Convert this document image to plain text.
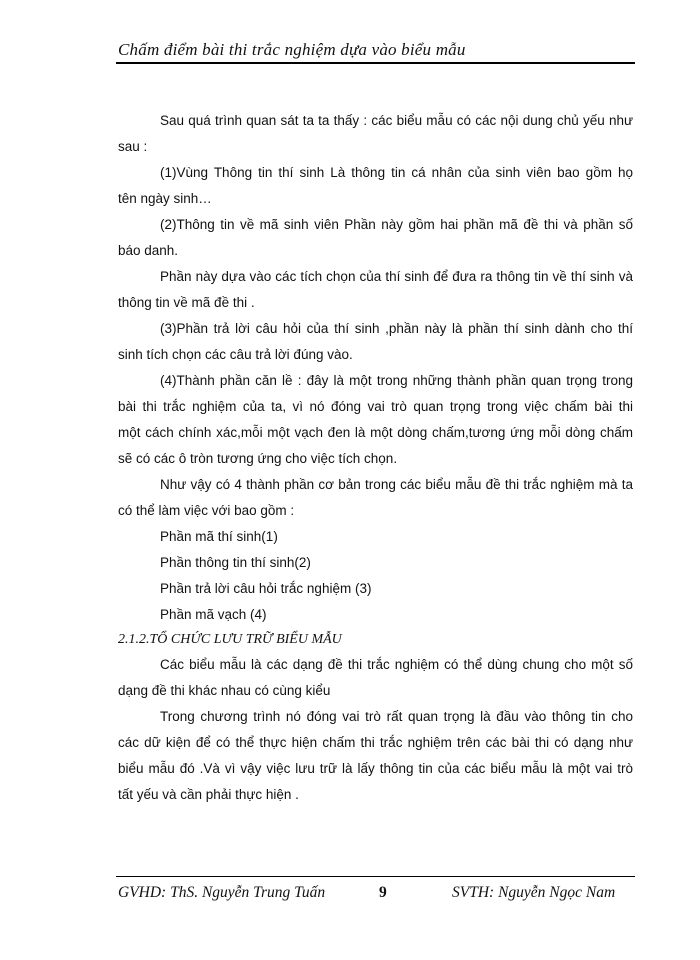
Chấm điểm bài thi trắc nghiệm dựa vào biểu mẫu
Sau quá trình quan sát ta ta thấy : các biểu mẫu có các nội dung chủ yếu như
sau :
(1)Vùng Thông tin thí sinh Là thông tin cá nhân của sinh viên bao gồm họ
tên ngày sinh…
(2)Thông tin về mã sinh viên Phần này gồm hai phần mã đề thi và phần số
báo danh.
Phần này dựa vào các tích chọn của thí sinh để đưa ra thông tin về thí sinh và
thông tin về mã đề thi .
(3)Phần trả lời câu hỏi của thí sinh ,phần này là phần thí sinh dành cho thí
sinh tích chọn các câu trả lời đúng vào.
(4)Thành phần căn lề : đây là một trong những thành phần quan trọng trong
bài thi trắc nghiệm của ta, vì nó đóng vai trò quan trọng trong việc chấm bài thi
một cách chính xác,mỗi một vạch đen là một dòng chấm,tương ứng mỗi dòng chấm
sẽ có các ô tròn tương ứng cho việc tích chọn.
Như vậy có 4 thành phần cơ bản trong các biểu mẫu đề thi trắc nghiệm mà ta
có thể làm việc với bao gồm :
Phần mã thí sinh(1)
Phần thông tin thí sinh(2)
Phần trả lời câu hỏi trắc nghiệm (3)
Phần mã vạch (4)
2.1.2.TỔ CHỨC LƯU TRỮ BIỂU MẪU
Các biểu mẫu là các dạng đề thi trắc nghiệm có thể dùng chung cho một số
dạng đề thi khác nhau có cùng kiểu
Trong chương trình nó đóng vai trò rất quan trọng là đầu vào thông tin cho
các dữ kiện để có thể thực hiện chấm thi trắc nghiệm trên các bài thi có dạng như
biểu mẫu đó .Và vì vậy việc lưu trữ là lấy thông tin của các biểu mẫu là một vai trò
tất yếu và cần phải thực hiện .
GVHD: ThS. Nguyễn Trung Tuấn	9	SVTH: Nguyễn Ngọc Nam
